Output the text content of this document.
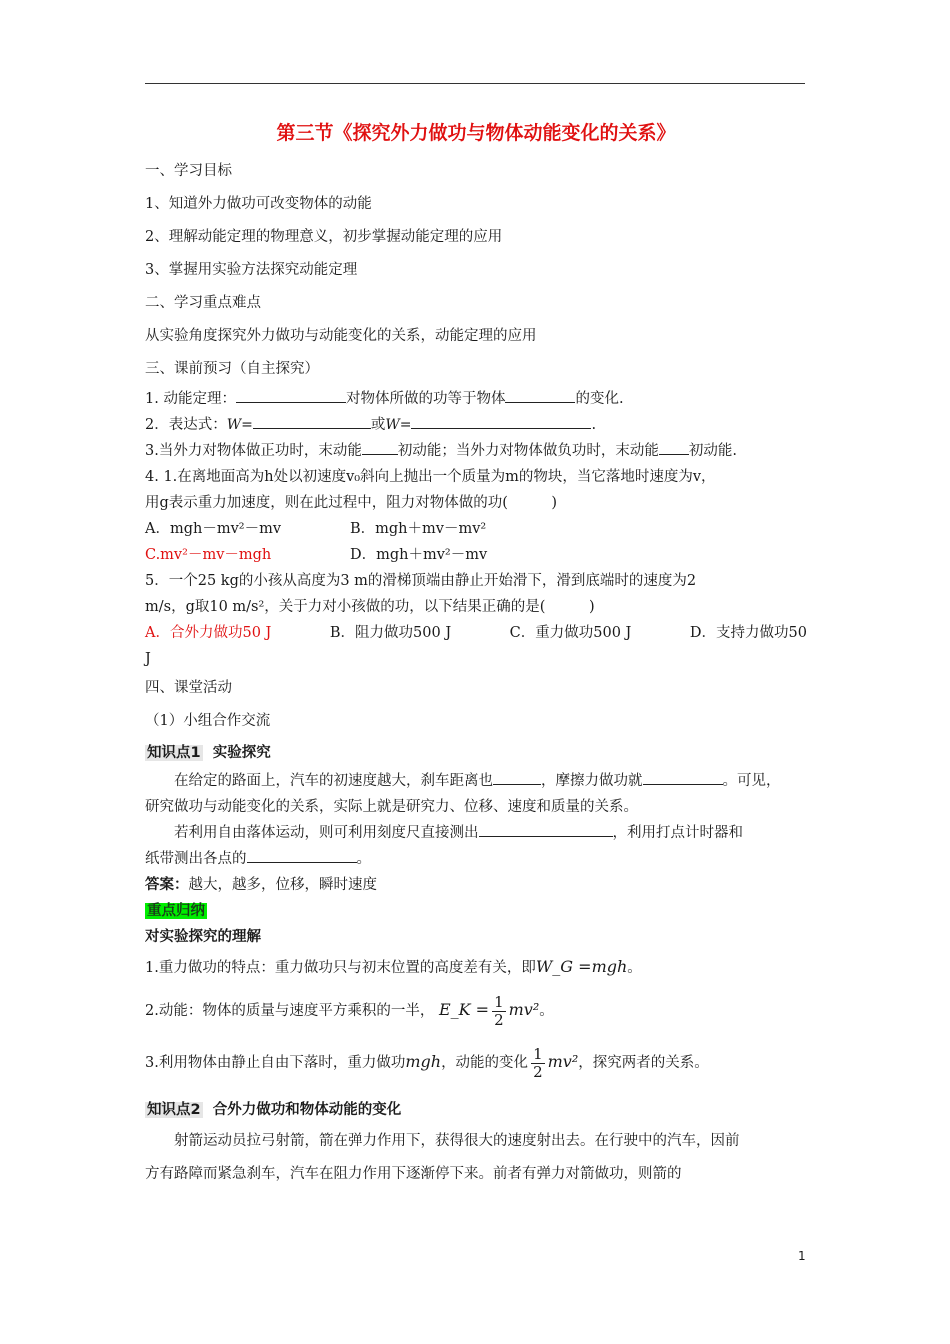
第三节《探究外力做功与物体动能变化的关系》

一、学习目标

1、知道外力做功可改变物体的动能

2、理解动能定理的物理意义，初步掌握动能定理的应用

3、掌握用实验方法探究动能定理

二、学习重点难点

从实验角度探究外力做功与动能变化的关系，动能定理的应用

三、课前预习（自主探究）

1. 动能定理：	对物体所做的功等于物体	的变化.

2．表达式：W=	或W=	.

3.当外力对物体做正功时，末动能 初动能；当外力对物体做负功时，末动能 初动能.

4. 1.在离地面高为h处以初速度v₀斜向上抛出一个质量为m的物块，当它落地时速度为v，

用g表示重力加速度，则在此过程中，阻力对物体做的功(　　　)

A．mgh－mv²－mv	B．mgh＋mv－mv²
C.mv²－mv－mgh	D．mgh＋mv²－mv

5．一个25 kg的小孩从高度为3 m的滑梯顶端由静止开始滑下，滑到底端时的速度为2

m/s，g取10 m/s²，关于力对小孩做的功，以下结果正确的是(　　　)

A．合外力做功50 J	B．阻力做功500 J	C．重力做功500 J	D．支持力做功50

J

四、课堂活动

（1）小组合作交流

知识点1 实验探究

在给定的路面上，汽车的初速度越大，刹车距离也	，摩擦力做功就	。可见，

研究做功与动能变化的关系，实际上就是研究力、位移、速度和质量的关系。

若利用自由落体运动，则可利用刻度尺直接测出	，利用打点计时器和

纸带测出各点的	。

答案：越大，越多，位移，瞬时速度

重点归纳

对实验探究的理解

1.重力做功的特点：重力做功只与初末位置的高度差有关，即W_G =mgh。

2.动能：物体的质量与速度平方乘积的一半， E_K = $\frac{1}{2} mv^2$。

3.利用物体由静止自由下落时，重力做功mgh，动能的变化 $\frac{1}{2} mv^2$，探究两者的关系。

知识点2 合外力做功和物体动能的变化

射箭运动员拉弓射箭，箭在弹力作用下，获得很大的速度射出去。在行驶中的汽车，因前

方有路障而紧急刹车，汽车在阻力作用下逐渐停下来。前者有弹力对箭做功，则箭的

1
